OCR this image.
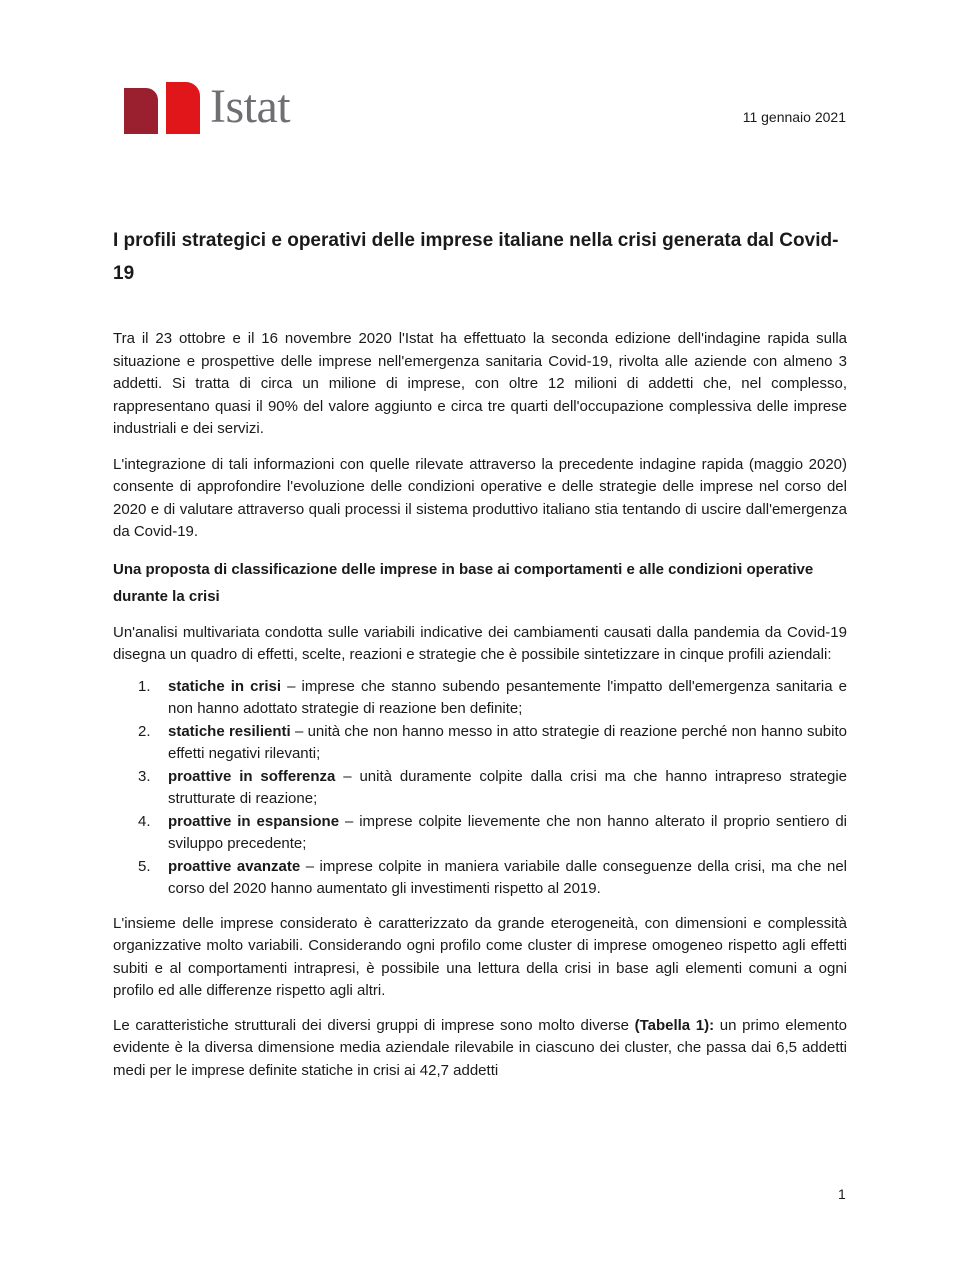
Istat	11 gennaio 2021
I profili strategici e operativi delle imprese italiane nella crisi generata dal Covid-19

Tra il 23 ottobre e il 16 novembre 2020 l'Istat ha effettuato la seconda edizione dell'indagine rapida sulla situazione e prospettive delle imprese nell'emergenza sanitaria Covid-19, rivolta alle aziende con almeno 3 addetti. Si tratta di circa un milione di imprese, con oltre 12 milioni di addetti che, nel complesso, rappresentano quasi il 90% del valore aggiunto e circa tre quarti dell'occupazione complessiva delle imprese industriali e dei servizi.

L'integrazione di tali informazioni con quelle rilevate attraverso la precedente indagine rapida (maggio 2020) consente di approfondire l'evoluzione delle condizioni operative e delle strategie delle imprese nel corso del 2020 e di valutare attraverso quali processi il sistema produttivo italiano stia tentando di uscire dall'emergenza da Covid-19.

Una proposta di classificazione delle imprese in base ai comportamenti e alle condizioni operative durante la crisi

Un'analisi multivariata condotta sulle variabili indicative dei cambiamenti causati dalla pandemia da Covid-19 disegna un quadro di effetti, scelte, reazioni e strategie che è possibile sintetizzare in cinque profili aziendali:

1. statiche in crisi – imprese che stanno subendo pesantemente l'impatto dell'emergenza sanitaria e non hanno adottato strategie di reazione ben definite;
2. statiche resilienti – unità che non hanno messo in atto strategie di reazione perché non hanno subito effetti negativi rilevanti;
3. proattive in sofferenza – unità duramente colpite dalla crisi ma che hanno intrapreso strategie strutturate di reazione;
4. proattive in espansione – imprese colpite lievemente che non hanno alterato il proprio sentiero di sviluppo precedente;
5. proattive avanzate – imprese colpite in maniera variabile dalle conseguenze della crisi, ma che nel corso del 2020 hanno aumentato gli investimenti rispetto al 2019.

L'insieme delle imprese considerato è caratterizzato da grande eterogeneità, con dimensioni e complessità organizzative molto variabili. Considerando ogni profilo come cluster di imprese omogeneo rispetto agli effetti subiti e al comportamenti intrapresi, è possibile una lettura della crisi in base agli elementi comuni a ogni profilo ed alle differenze rispetto agli altri.

Le caratteristiche strutturali dei diversi gruppi di imprese sono molto diverse (Tabella 1): un primo elemento evidente è la diversa dimensione media aziendale rilevabile in ciascuno dei cluster, che passa dai 6,5 addetti medi per le imprese definite statiche in crisi ai 42,7 addetti

1
